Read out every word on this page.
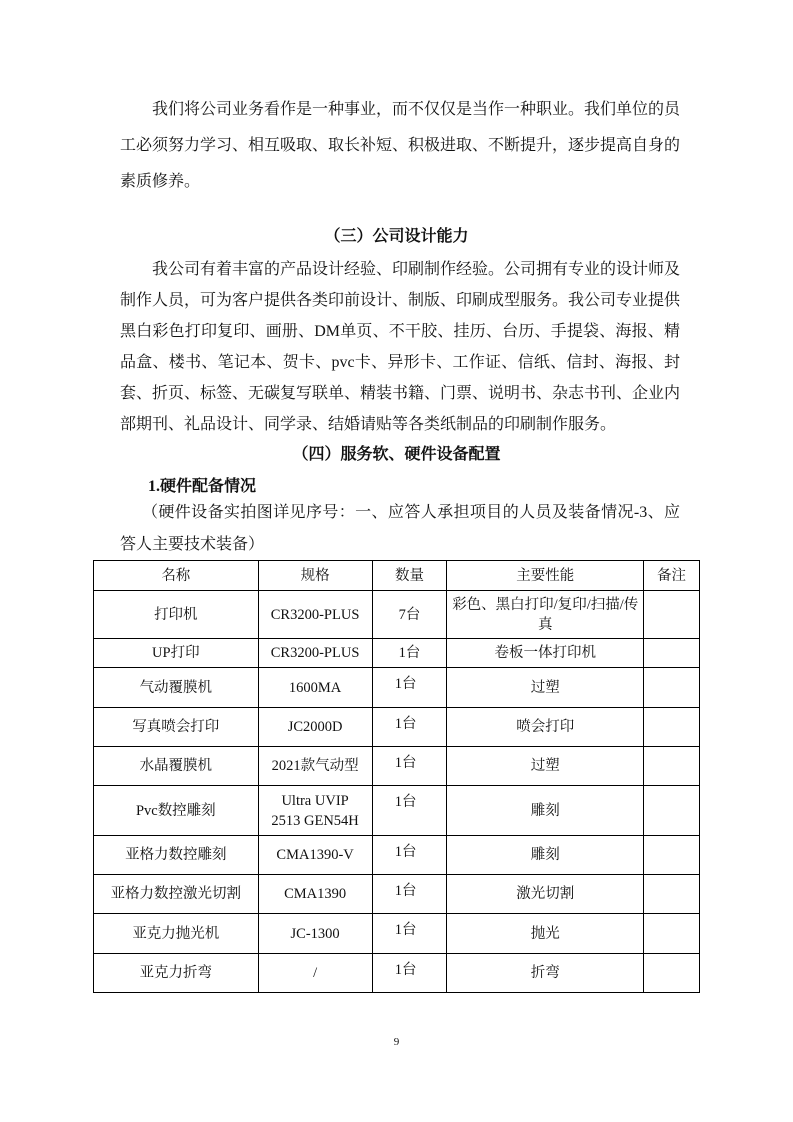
我们将公司业务看作是一种事业，而不仅仅是当作一种职业。我们单位的员
工必须努力学习、相互吸取、取长补短、积极进取、不断提升，逐步提高自身的
素质修养。
（三）公司设计能力
我公司有着丰富的产品设计经验、印刷制作经验。公司拥有专业的设计师及
制作人员，可为客户提供各类印前设计、制版、印刷成型服务。我公司专业提供
黑白彩色打印复印、画册、DM单页、不干胶、挂历、台历、手提袋、海报、精
品盒、楼书、笔记本、贺卡、pvc卡、异形卡、工作证、信纸、信封、海报、封
套、折页、标签、无碳复写联单、精装书籍、门票、说明书、杂志书刊、企业内
部期刊、礼品设计、同学录、结婚请贴等各类纸制品的印刷制作服务。
（四）服务软、硬件设备配置
1.硬件配备情况
（硬件设备实拍图详见序号：一、应答人承担项目的人员及装备情况-3、应
答人主要技术装备）
名称	规格	数量	主要性能	备注
打印机	CR3200-PLUS	7台	彩色、黑白打印/复印/扫描/传真	
UP打印	CR3200-PLUS	1台	卷板一体打印机	
气动覆膜机	1600MA	1台	过塑	
写真喷会打印	JC2000D	1台	喷会打印	
水晶覆膜机	2021款气动型	1台	过塑	
Pvc数控雕刻	Ultra UVIP 2513 GEN54H	1台	雕刻	
亚格力数控雕刻	CMA1390-V	1台	雕刻	
亚格力数控激光切割	CMA1390	1台	激光切割	
亚克力抛光机	JC-1300	1台	抛光	
亚克力折弯	/	1台	折弯	
9
